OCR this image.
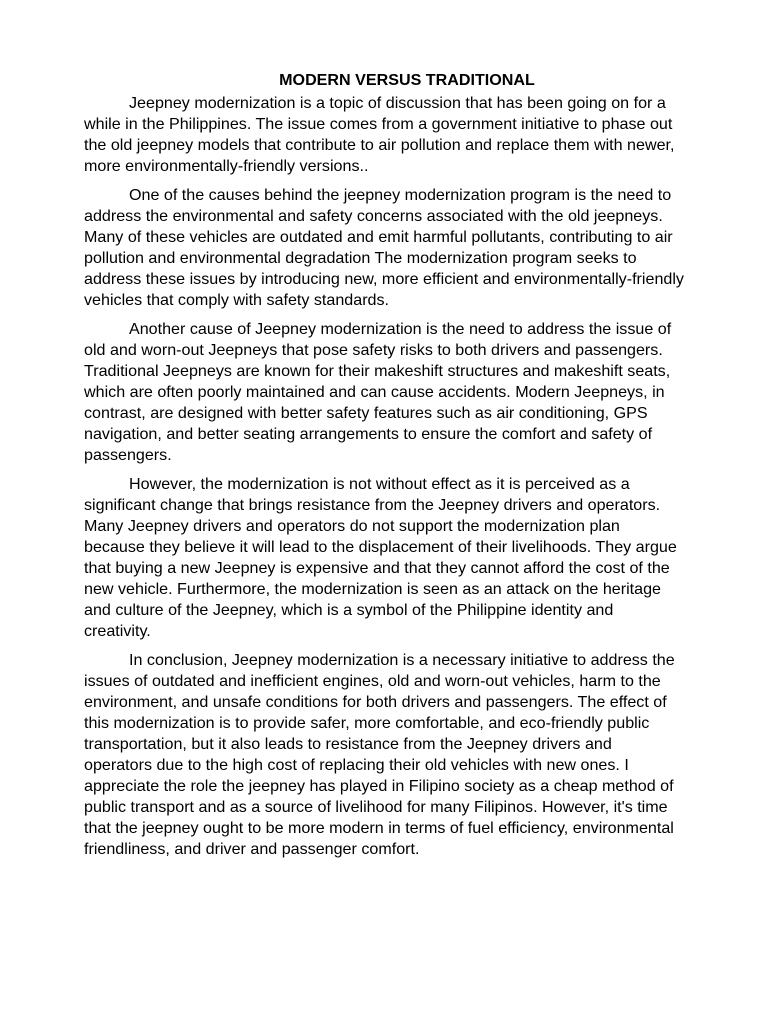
MODERN VERSUS TRADITIONAL

Jeepney modernization is a topic of discussion that has been going on for a while in the Philippines. The issue comes from a government initiative to phase out the old jeepney models that contribute to air pollution and replace them with newer, more environmentally-friendly versions..

One of the causes behind the jeepney modernization program is the need to address the environmental and safety concerns associated with the old jeepneys. Many of these vehicles are outdated and emit harmful pollutants, contributing to air pollution and environmental degradation The modernization program seeks to address these issues by introducing new, more efficient and environmentally-friendly vehicles that comply with safety standards.

Another cause of Jeepney modernization is the need to address the issue of old and worn-out Jeepneys that pose safety risks to both drivers and passengers. Traditional Jeepneys are known for their makeshift structures and makeshift seats, which are often poorly maintained and can cause accidents. Modern Jeepneys, in contrast, are designed with better safety features such as air conditioning, GPS navigation, and better seating arrangements to ensure the comfort and safety of passengers.

However, the modernization is not without effect as it is perceived as a significant change that brings resistance from the Jeepney drivers and operators. Many Jeepney drivers and operators do not support the modernization plan because they believe it will lead to the displacement of their livelihoods. They argue that buying a new Jeepney is expensive and that they cannot afford the cost of the new vehicle. Furthermore, the modernization is seen as an attack on the heritage and culture of the Jeepney, which is a symbol of the Philippine identity and creativity.

In conclusion, Jeepney modernization is a necessary initiative to address the issues of outdated and inefficient engines, old and worn-out vehicles, harm to the environment, and unsafe conditions for both drivers and passengers. The effect of this modernization is to provide safer, more comfortable, and eco-friendly public transportation, but it also leads to resistance from the Jeepney drivers and operators due to the high cost of replacing their old vehicles with new ones. I appreciate the role the jeepney has played in Filipino society as a cheap method of public transport and as a source of livelihood for many Filipinos. However, it's time that the jeepney ought to be more modern in terms of fuel efficiency, environmental friendliness, and driver and passenger comfort.
